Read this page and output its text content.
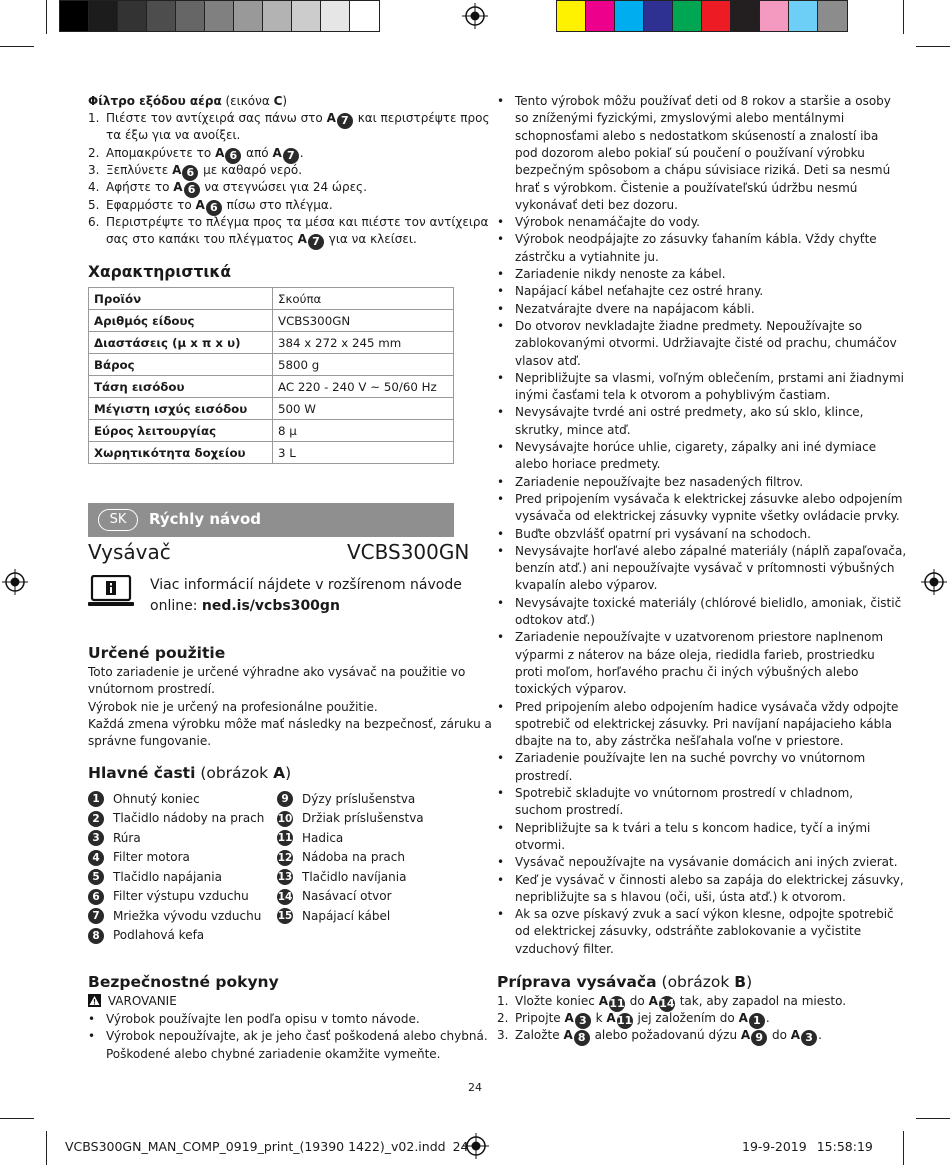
Φίλτρο εξόδου αέρα (εικόνα C)
1. Πιέστε τον αντίχειρά σας πάνω στο A 7 και περιστρέψτε προς
τα έξω για να ανοίξει.
2. Απομακρύνετε το A 6 από A 7 .
3. Ξεπλύνετε A 6 με καθαρό νερό.
4. Αφήστε το A 6 να στεγνώσει για 24 ώρες.
5. Εφαρμόστε το A 6 πίσω στο πλέγμα.
6. Περιστρέψτε το πλέγμα προς τα μέσα και πιέστε τον αντίχειρα
σας στο καπάκι του πλέγματος A 7 για να κλείσει.
Χαρακτηριστικά
Προϊόν	Σκούπα
Αριθμός είδους	VCBS300GN
Διαστάσεις (μ x π x υ)	384 x 272 x 245 mm
Βάρος	5800 g
Τάση εισόδου	AC 220 - 240 V ~ 50/60 Hz
Μέγιστη ισχύς εισόδου	500 W
Εύρος λειτουργίας	8 μ
Χωρητικότητα δοχείου	3 L
SK	Rýchly návod
Vysávač	VCBS300GN
Viac informácií nájdete v rozšírenom návode
online: ned.is/vcbs300gn
Určené použitie
Toto zariadenie je určené výhradne ako vysávač na použitie vo
vnútornom prostredí.
Výrobok nie je určený na profesionálne použitie.
Každá zmena výrobku môže mať následky na bezpečnosť, záruku a
správne fungovanie.
Hlavné časti (obrázok A)
1	Ohnutý koniec
2	Tlačidlo nádoby na prach
3	Rúra
4	Filter motora
5	Tlačidlo napájania
6	Filter výstupu vzduchu
7	Mriežka vývodu vzduchu
8	Podlahová kefa
9	Dýzy príslušenstva
10 Držiak príslušenstva
11 Hadica
12 Nádoba na prach
13 Tlačidlo navíjania
14 Nasávací otvor
15 Napájací kábel
Bezpečnostné pokyny
VAROVANIE
• Výrobok používajte len podľa opisu v tomto návode.
• Výrobok nepoužívajte, ak je jeho časť poškodená alebo chybná.
Poškodené alebo chybné zariadenie okamžite vymeňte.
• Tento výrobok môžu používať deti od 8 rokov a staršie a osoby
so zníženými fyzickými, zmyslovými alebo mentálnymi
schopnosťami alebo s nedostatkom skúseností a znalostí iba
pod dozorom alebo pokiaľ sú poučení o používaní výrobku
bezpečným spôsobom a chápu súvisiace riziká. Deti sa nesmú
hrať s výrobkom. Čistenie a používateľskú údržbu nesmú
vykonávať deti bez dozoru.
• Výrobok nenamáčajte do vody.
• Výrobok neodpájajte zo zásuvky ťahaním kábla. Vždy chyťte
zástrčku a vytiahnite ju.
• Zariadenie nikdy nenoste za kábel.
• Napájací kábel neťahajte cez ostré hrany.
• Nezatvárajte dvere na napájacom kábli.
• Do otvorov nevkladajte žiadne predmety. Nepoužívajte so
zablokovanými otvormi. Udržiavajte čisté od prachu, chumáčov
vlasov atď.
• Nepribližujte sa vlasmi, voľným oblečením, prstami ani žiadnymi
inými časťami tela k otvorom a pohyblivým častiam.
• Nevysávajte tvrdé ani ostré predmety, ako sú sklo, klince,
skrutky, mince atď.
• Nevysávajte horúce uhlie, cigarety, zápalky ani iné dymiace
alebo horiace predmety.
• Zariadenie nepoužívajte bez nasadených filtrov.
• Pred pripojením vysávača k elektrickej zásuvke alebo odpojením
vysávača od elektrickej zásuvky vypnite všetky ovládacie prvky.
• Buďte obzvlášť opatrní pri vysávaní na schodoch.
• Nevysávajte horľavé alebo zápalné materiály (náplň zapaľovača,
benzín atď.) ani nepoužívajte vysávač v prítomnosti výbušných
kvapalín alebo výparov.
• Nevysávajte toxické materiály (chlórové bielidlo, amoniak, čistič
odtokov atď.)
• Zariadenie nepoužívajte v uzatvorenom priestore naplnenom
výparmi z náterov na báze oleja, riedidla farieb, prostriedku
proti moľom, horľavého prachu či iných výbušných alebo
toxických výparov.
• Pred pripojením alebo odpojením hadice vysávača vždy odpojte
spotrebič od elektrickej zásuvky. Pri navíjaní napájacieho kábla
dbajte na to, aby zástrčka nešľahala voľne v priestore.
• Zariadenie používajte len na suché povrchy vo vnútornom
prostredí.
• Spotrebič skladujte vo vnútornom prostredí v chladnom,
suchom prostredí.
• Nepribližujte sa k tvári a telu s koncom hadice, tyčí a inými
otvormi.
• Vysávač nepoužívajte na vysávanie domácich ani iných zvierat.
• Keď je vysávač v činnosti alebo sa zapája do elektrickej zásuvky,
nepribližujte sa s hlavou (oči, uši, ústa atď.) k otvorom.
• Ak sa ozve pískavý zvuk a sací výkon klesne, odpojte spotrebič
od elektrickej zásuvky, odstráňte zablokovanie a vyčistite
vzduchový filter.
Príprava vysávača (obrázok B)
1. Vložte koniec A11 do A14 tak, aby zapadol na miesto.
2. Pripojte A 3 k A11 jej založením do A 1 .
3. Založte A 8 alebo požadovanú dýzu A 9 do A 3 .
24
VCBS300GN_MAN_COMP_0919_print_(19390 1422)_v02.indd 24	19-9-2019 15:58:19
